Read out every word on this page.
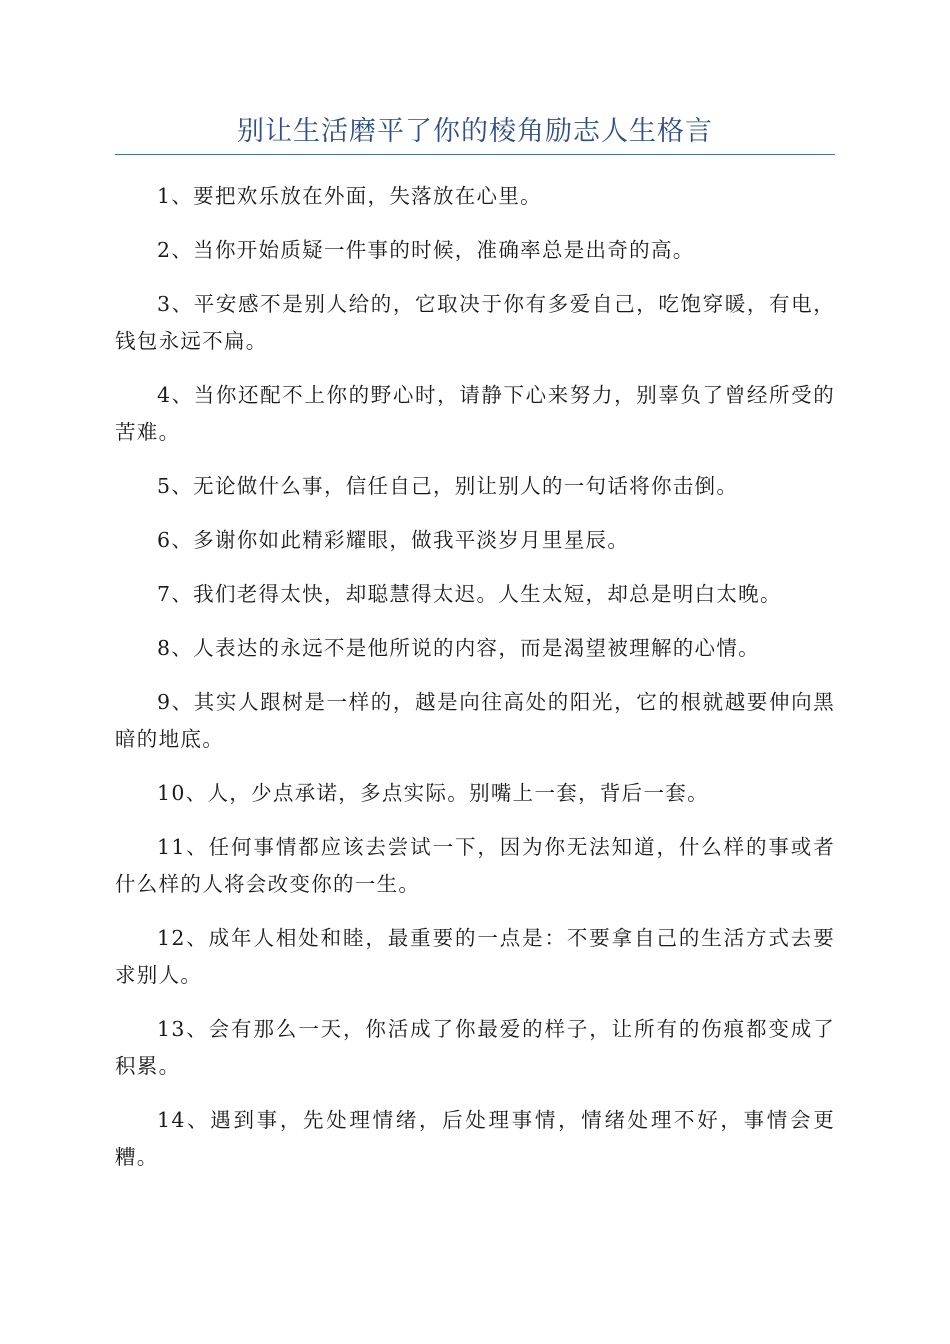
别让生活磨平了你的棱角励志人生格言

1、要把欢乐放在外面，失落放在心里。

2、当你开始质疑一件事的时候，准确率总是出奇的高。

3、平安感不是别人给的，它取决于你有多爱自己，吃饱穿暖，有电，钱包永远不扁。

4、当你还配不上你的野心时，请静下心来努力，别辜负了曾经所受的苦难。

5、无论做什么事，信任自己，别让别人的一句话将你击倒。

6、多谢你如此精彩耀眼，做我平淡岁月里星辰。

7、我们老得太快，却聪慧得太迟。人生太短，却总是明白太晚。

8、人表达的永远不是他所说的内容，而是渴望被理解的心情。

9、其实人跟树是一样的，越是向往高处的阳光，它的根就越要伸向黑暗的地底。

10、人，少点承诺，多点实际。别嘴上一套，背后一套。

11、任何事情都应该去尝试一下，因为你无法知道，什么样的事或者什么样的人将会改变你的一生。

12、成年人相处和睦，最重要的一点是：不要拿自己的生活方式去要求别人。

13、会有那么一天，你活成了你最爱的样子，让所有的伤痕都变成了积累。

14、遇到事，先处理情绪，后处理事情，情绪处理不好，事情会更糟。
